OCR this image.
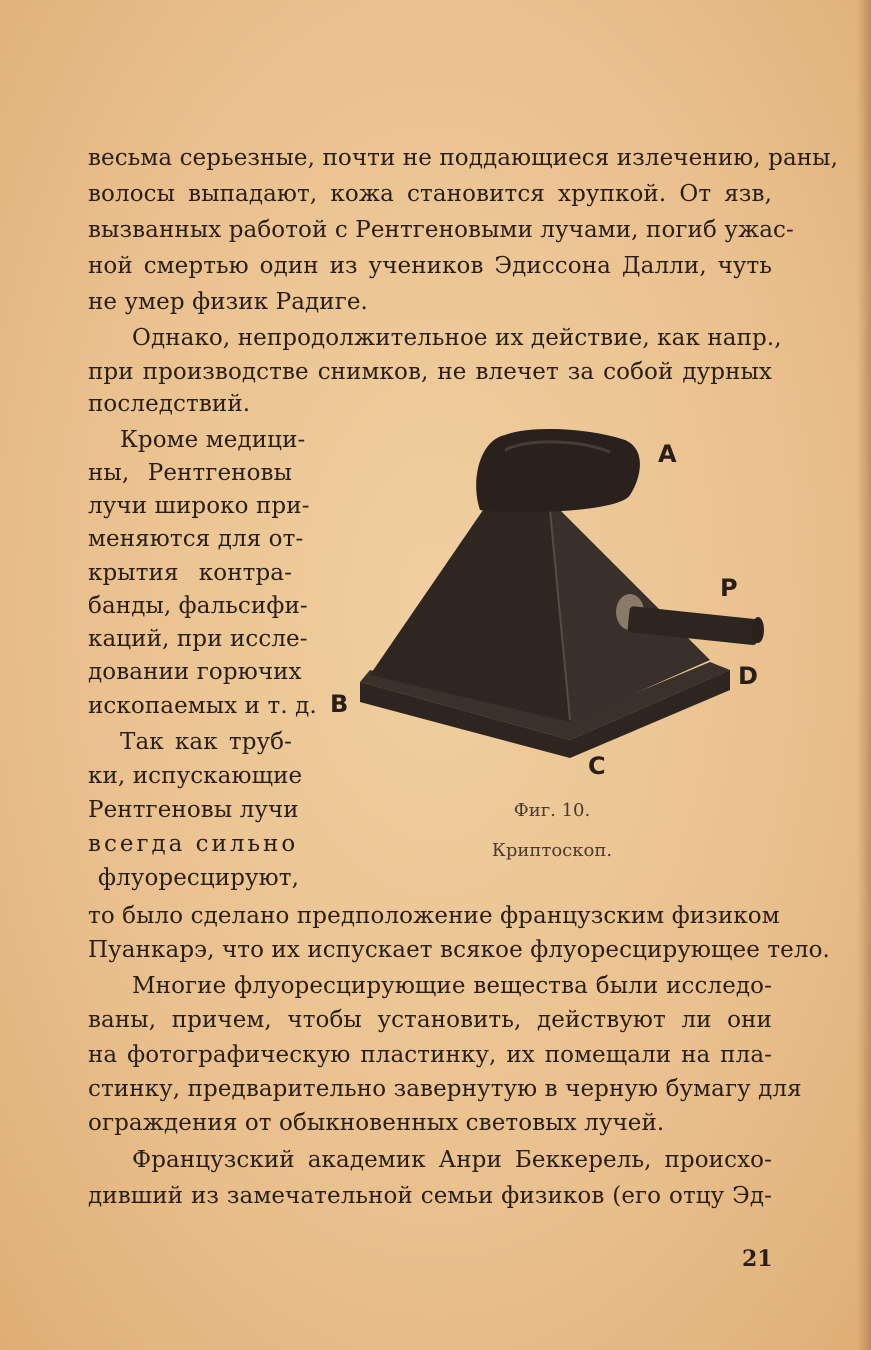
весьма серьезные, почти не поддающиеся излечению, раны,
волосы выпадают, кожа становится хрупкой. От язв,
вызванных работой с Рентгеновыми лучами, погиб ужас-
ной смертью один из учеников Эдиссона Далли, чуть
не умер физик Радиге.
Однако, непродолжительное их действие, как напр.,
при производстве снимков, не влечет за собой дурных
последствий.
Кроме медици-
ны, Рентгеновы
лучи широко при-
меняются для от-
крытия контра-
банды, фальсифи-
каций, при иссле-
довании горючих
ископаемых и т. д.
Так как труб-
ки, испускающие
Рентгеновы лучи
всегда сильно
флуоресцируют,
A
P
D
B
C
Фиг. 10.
Криптоскоп.
то было сделано предположение французским физиком
Пуанкарэ, что их испускает всякое флуоресцирующее тело.
Многие флуоресцирующие вещества были исследо-
ваны, причем, чтобы установить, действуют ли они
на фотографическую пластинку, их помещали на пла-
стинку, предварительно завернутую в черную бумагу для
ограждения от обыкновенных световых лучей.
Французский академик Анри Беккерель, происхо-
дивший из замечательной семьи физиков (его отцу Эд-
21
